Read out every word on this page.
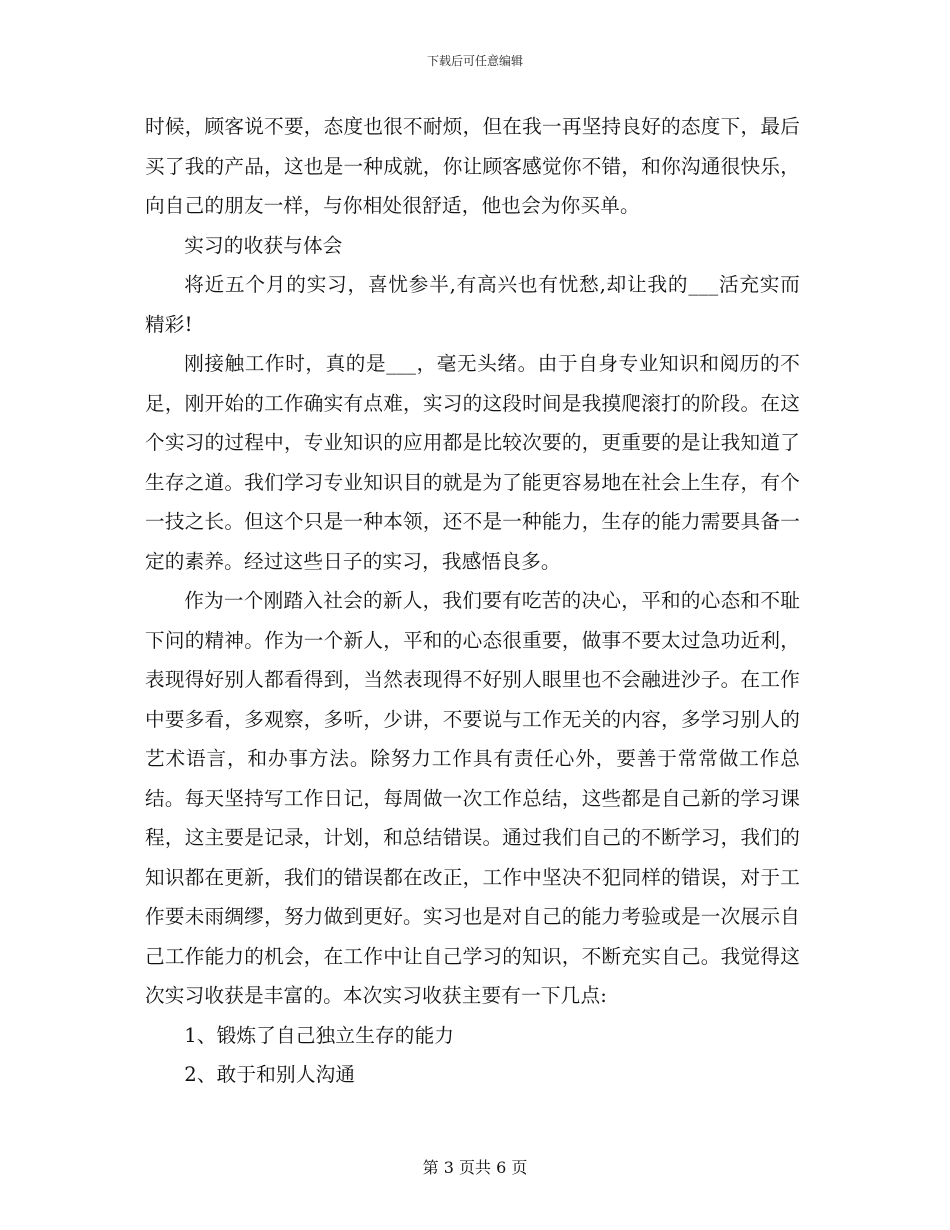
下载后可任意编辑

时候，顾客说不要，态度也很不耐烦，但在我一再坚持良好的态度下，最后买了我的产品，这也是一种成就，你让顾客感觉你不错，和你沟通很快乐，向自己的朋友一样，与你相处很舒适，他也会为你买单。

实习的收获与体会

将近五个月的实习，喜忧参半,有高兴也有忧愁,却让我的___活充实而精彩!

刚接触工作时，真的是___，毫无头绪。由于自身专业知识和阅历的不足，刚开始的工作确实有点难，实习的这段时间是我摸爬滚打的阶段。在这个实习的过程中，专业知识的应用都是比较次要的，更重要的是让我知道了生存之道。我们学习专业知识目的就是为了能更容易地在社会上生存，有个一技之长。但这个只是一种本领，还不是一种能力，生存的能力需要具备一定的素养。经过这些日子的实习，我感悟良多。

作为一个刚踏入社会的新人，我们要有吃苦的决心，平和的心态和不耻下问的精神。作为一个新人，平和的心态很重要，做事不要太过急功近利，表现得好别人都看得到，当然表现得不好别人眼里也不会融进沙子。在工作中要多看，多观察，多听，少讲，不要说与工作无关的内容，多学习别人的艺术语言，和办事方法。除努力工作具有责任心外，要善于常常做工作总结。每天坚持写工作日记，每周做一次工作总结，这些都是自己新的学习课程，这主要是记录，计划，和总结错误。通过我们自己的不断学习，我们的知识都在更新，我们的错误都在改正，工作中坚决不犯同样的错误，对于工作要未雨绸缪，努力做到更好。实习也是对自己的能力考验或是一次展示自己工作能力的机会，在工作中让自己学习的知识，不断充实自己。我觉得这次实习收获是丰富的。本次实习收获主要有一下几点:

1、锻炼了自己独立生存的能力

2、敢于和别人沟通

第 3 页共 6 页
